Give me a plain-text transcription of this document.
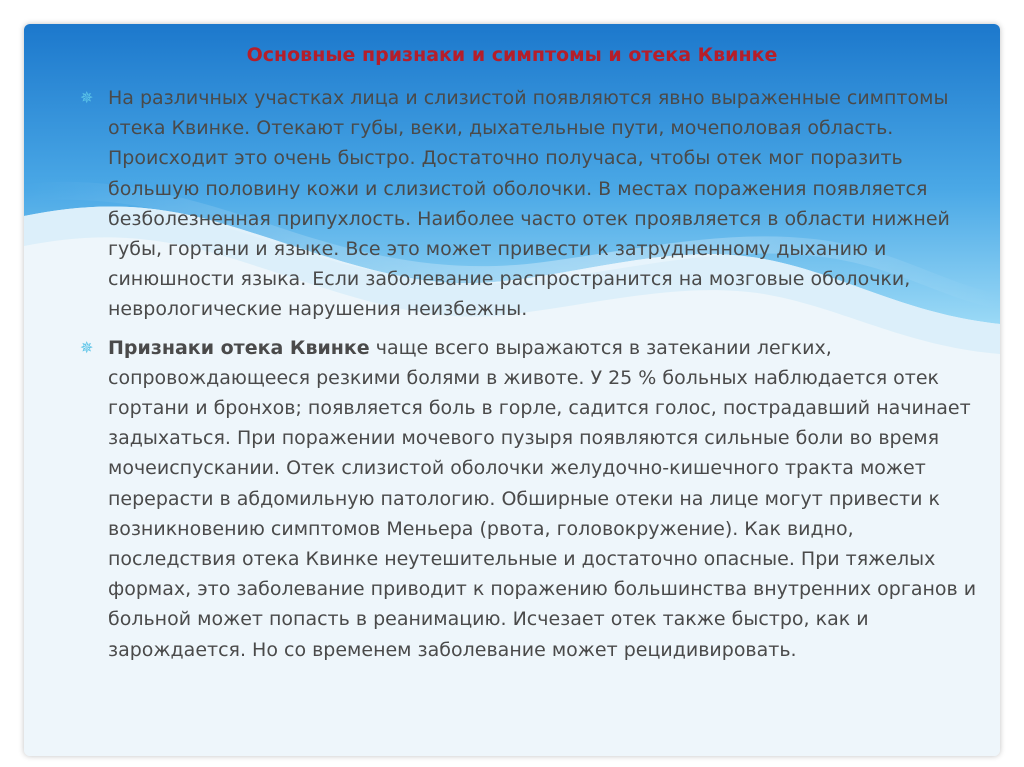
Основные признаки и симптомы и отека Квинке
✵ На различных участках лица и слизистой появляются явно выраженные симптомы отека Квинке. Отекают губы, веки, дыхательные пути, мочеполовая область. Происходит это очень быстро. Достаточно получаса, чтобы отек мог поразить большую половину кожи и слизистой оболочки. В местах поражения появляется безболезненная припухлость. Наиболее часто отек проявляется в области нижней губы, гортани и языке. Все это может привести к затрудненному дыханию и синюшности языка. Если заболевание распространится на мозговые оболочки, неврологические нарушения неизбежны.
✵ Признаки отека Квинке чаще всего выражаются в затекании легких, сопровождающееся резкими болями в животе. У 25 % больных наблюдается отек гортани и бронхов; появляется боль в горле, садится голос, пострадавший начинает задыхаться. При поражении мочевого пузыря появляются сильные боли во время мочеиспускании. Отек слизистой оболочки желудочно-кишечного тракта может перерасти в абдомильную патологию. Обширные отеки на лице могут привести к возникновению симптомов Меньера (рвота, головокружение). Как видно, последствия отека Квинке неутешительные и достаточно опасные. При тяжелых формах, это заболевание приводит к поражению большинства внутренних органов и больной может попасть в реанимацию. Исчезает отек также быстро, как и зарождается. Но со временем заболевание может рецидивировать.
